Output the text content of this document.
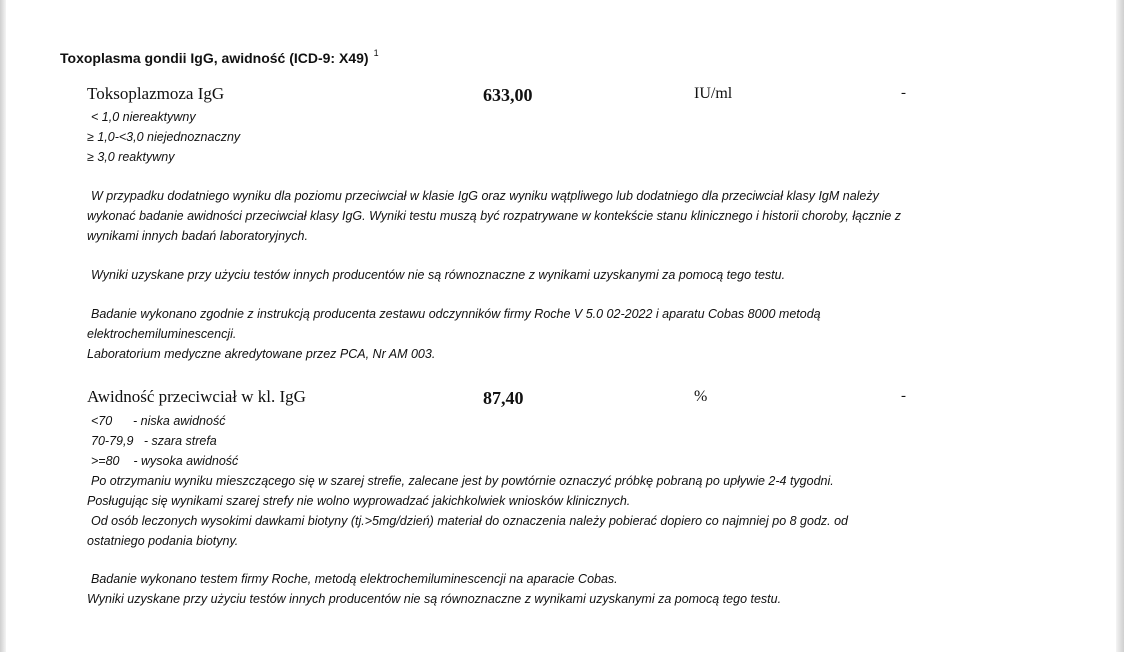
Toxoplasma gondii IgG, awidność (ICD-9: X49) $^1$
Toksoplazmoza IgG	633,00	IU/ml	-
< 1,0 niereaktywny
≥ 1,0-<3,0 niejednoznaczny
≥ 3,0 reaktywny
W przypadku dodatniego wyniku dla poziomu przeciwciał w klasie IgG oraz wyniku wątpliwego lub dodatniego dla przeciwciał klasy IgM należy
wykonać badanie awidności przeciwciał klasy IgG. Wyniki testu muszą być rozpatrywane w kontekście stanu klinicznego i historii choroby, łącznie z
wynikami innych badań laboratoryjnych.
Wyniki uzyskane przy użyciu testów innych producentów nie są równoznaczne z wynikami uzyskanymi za pomocą tego testu.
Badanie wykonano zgodnie z instrukcją producenta zestawu odczynników firmy Roche V 5.0 02-2022 i aparatu Cobas 8000 metodą
elektrochemiluminescencji.
Laboratorium medyczne akredytowane przez PCA, Nr AM 003.
Awidność przeciwciał w kl. IgG	87,40	%	-
<70      - niska awidność
70-79,9   - szara strefa
>=80    - wysoka awidność
Po otrzymaniu wyniku mieszczącego się w szarej strefie, zalecane jest by powtórnie oznaczyć próbkę pobraną po upływie 2-4 tygodni.
Posługując się wynikami szarej strefy nie wolno wyprowadzać jakichkolwiek wniosków klinicznych.
Od osób leczonych wysokimi dawkami biotyny (tj.>5mg/dzień) materiał do oznaczenia należy pobierać dopiero co najmniej po 8 godz. od
ostatniego podania biotyny.
Badanie wykonano testem firmy Roche, metodą elektrochemiluminescencji na aparacie Cobas.
Wyniki uzyskane przy użyciu testów innych producentów nie są równoznaczne z wynikami uzyskanymi za pomocą tego testu.
